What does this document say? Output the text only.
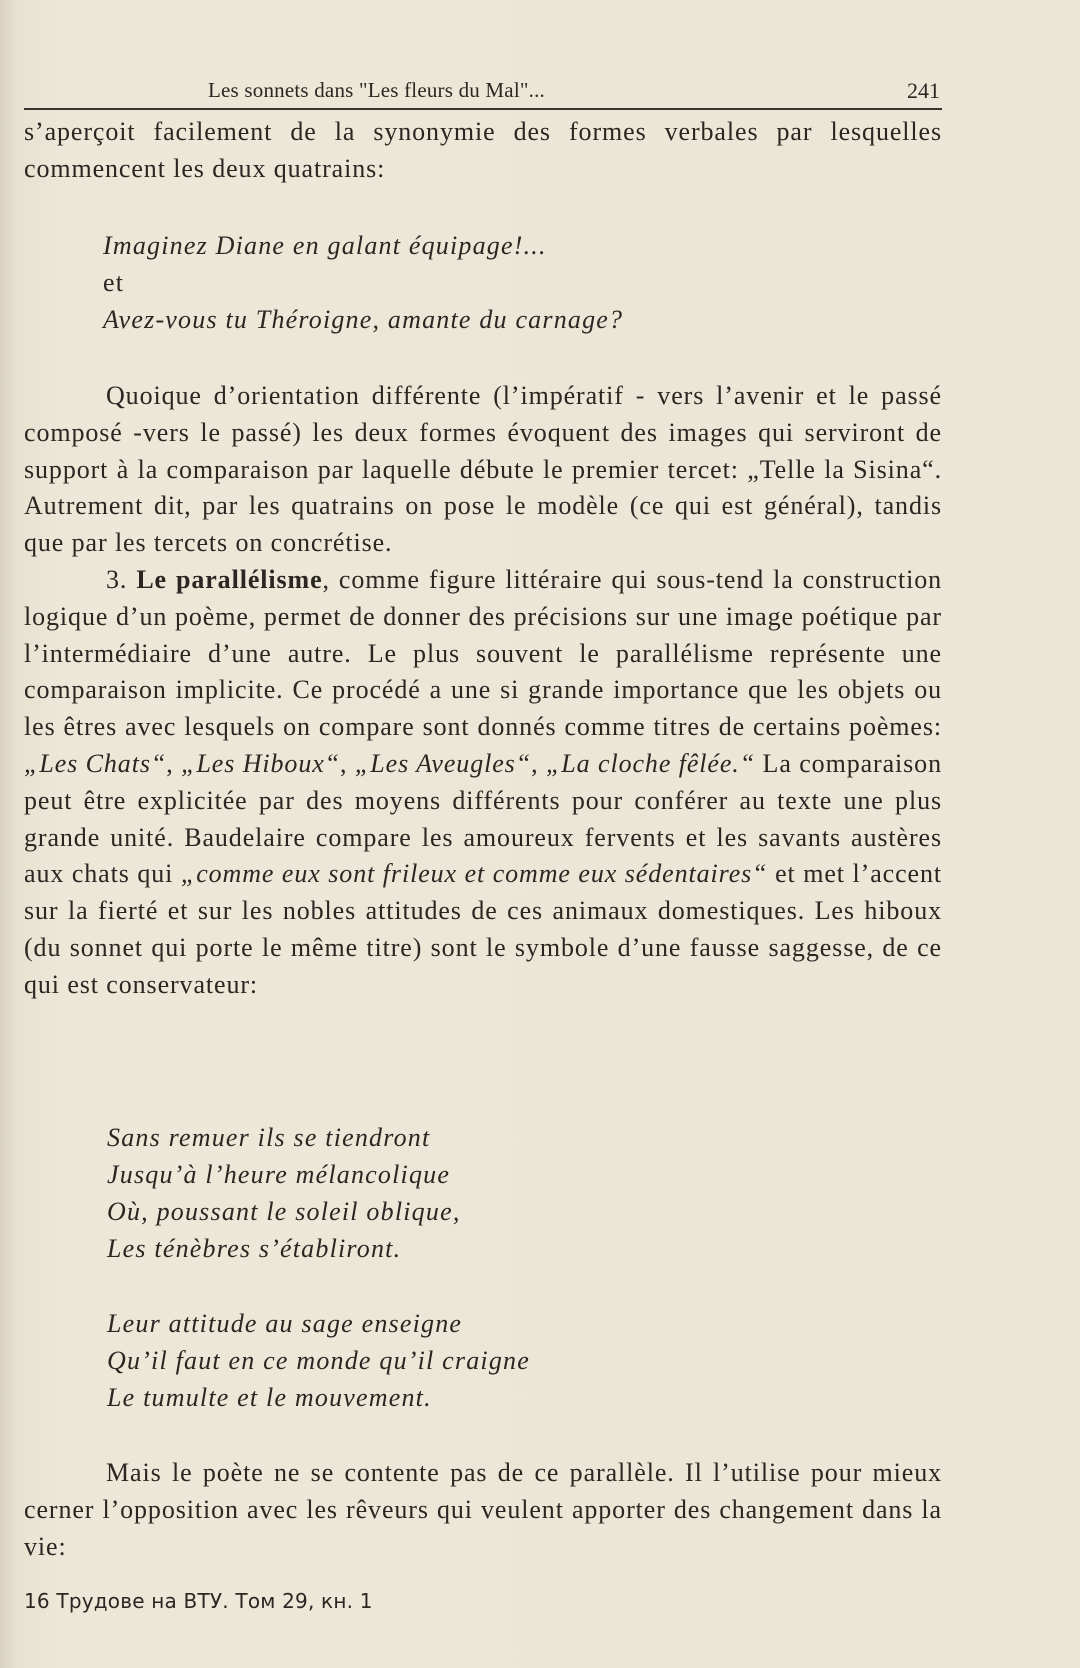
Les sonnets dans "Les fleurs du Mal"...	241

s’aperçoit facilement de la synonymie des formes verbales par lesquelles commencent les deux quatrains:

Imaginez Diane en galant équipage!...
et
Avez-vous tu Théroigne, amante du carnage?

Quoique d’orientation différente (l’impératif - vers l’avenir et le passé composé -vers le passé) les deux formes évoquent des images qui serviront de support à la comparaison par laquelle débute le premier tercet: „Telle la Sisina“. Autrement dit, par les quatrains on pose le modèle (ce qui est général), tandis que par les tercets on concrétise.

3. Le parallélisme, comme figure littéraire qui sous-tend la construction logique d’un poème, permet de donner des précisions sur une image poétique par l’intermédiaire d’une autre. Le plus souvent le parallélisme représente une comparaison implicite. Ce procédé a une si grande importance que les objets ou les êtres avec lesquels on compare sont donnés comme titres de certains poèmes: „Les Chats“, „Les Hiboux“, „Les Aveugles“, „La cloche fêlée.“ La comparaison peut être explicitée par des moyens différents pour conférer au texte une plus grande unité. Baudelaire compare les amoureux fervents et les savants austères aux chats qui „comme eux sont frileux et comme eux sédentaires“ et met l’accent sur la fierté et sur les nobles attitudes de ces animaux domestiques. Les hiboux (du sonnet qui porte le même titre) sont le symbole d’une fausse saggesse, de ce qui est conservateur:

Sans remuer ils se tiendront
Jusqu’à l’heure mélancolique
Où, poussant le soleil oblique,
Les ténèbres s’établiront.
Leur attitude au sage enseigne
Qu’il faut en ce monde qu’il craigne
Le tumulte et le mouvement.

Mais le poète ne se contente pas de ce parallèle. Il l’utilise pour mieux cerner l’opposition avec les rêveurs qui veulent apporter des changement dans la vie:

16 Трудове на ВТУ. Том 29, кн. 1
